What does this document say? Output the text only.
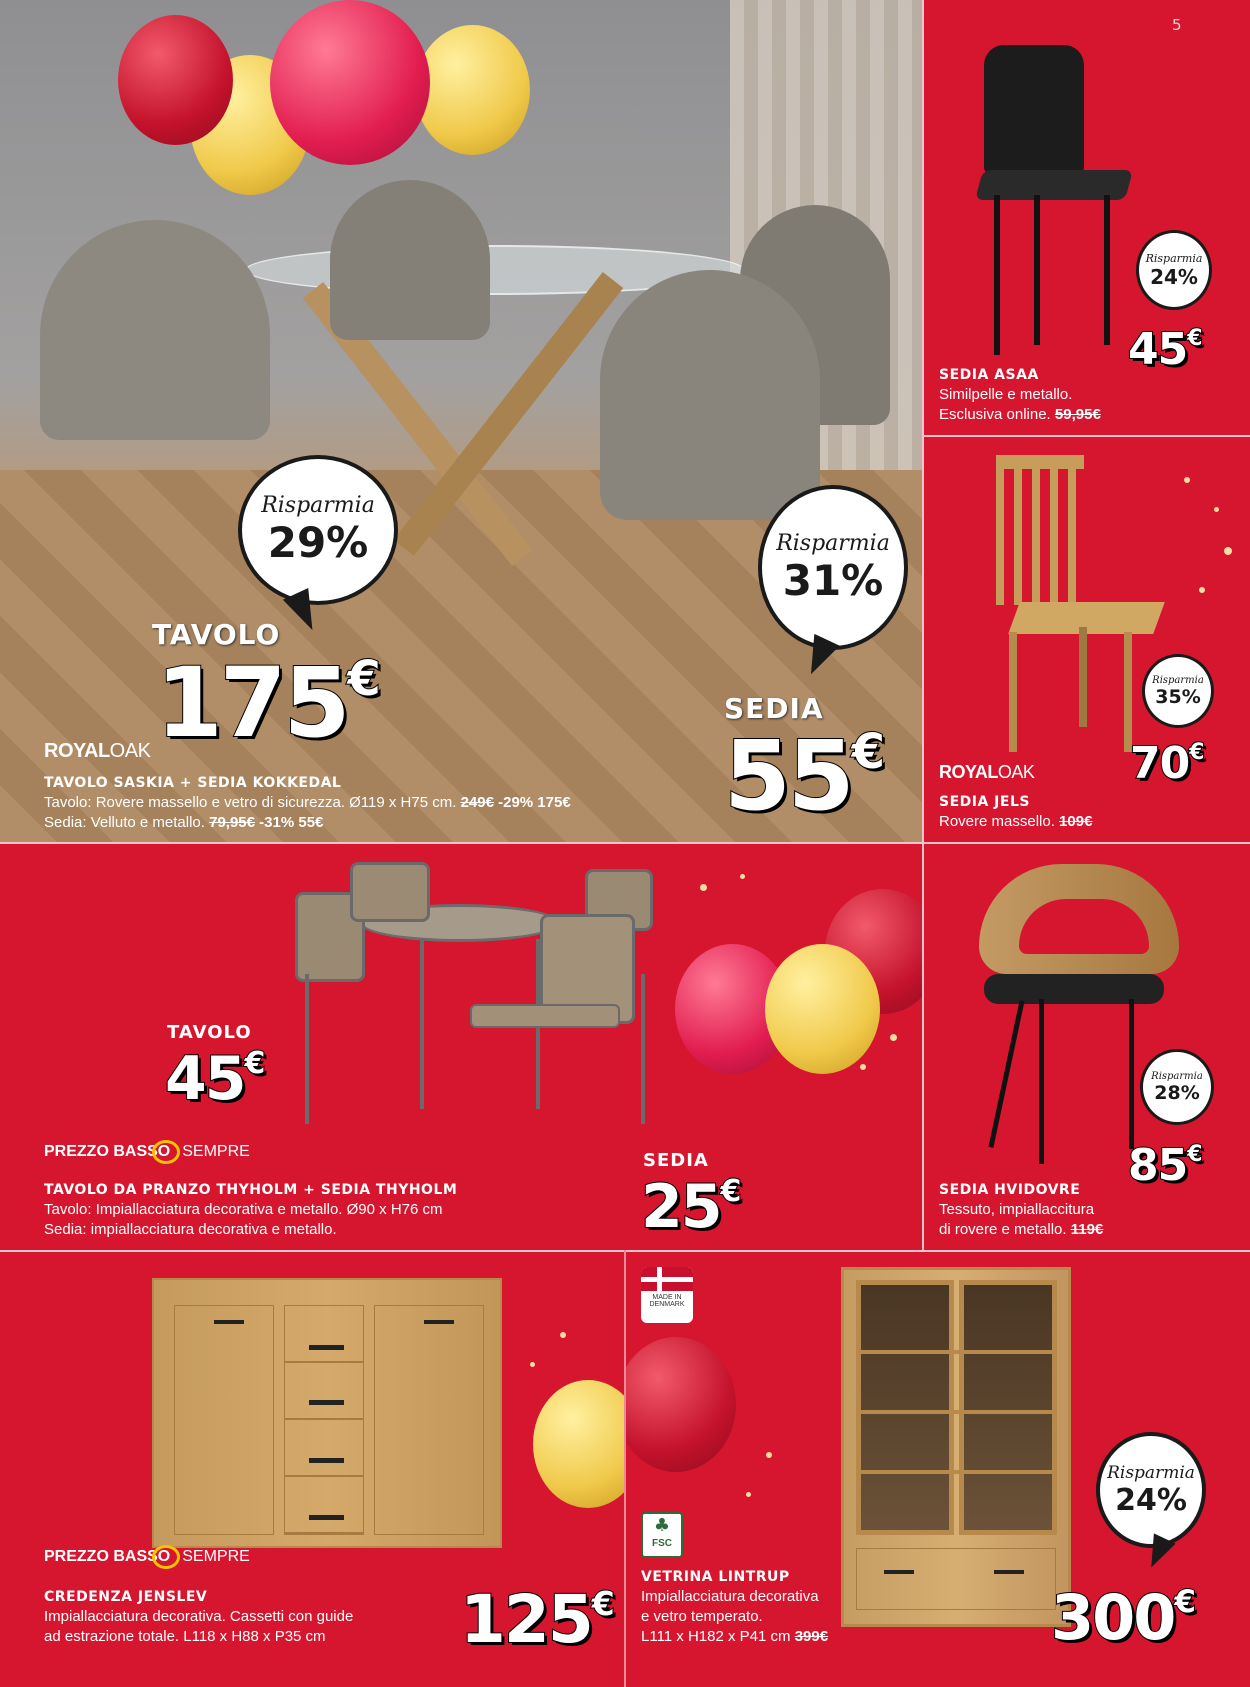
5
Risparmia
29%	Risparmia
31%
TAVOLO
175€
SEDIA
55€
ROYALOAK
TAVOLO SASKIA + SEDIA KOKKEDAL
Tavolo: Rovere massello e vetro di sicurezza. Ø119 x H75 cm. 249€ -29% 175€
Sedia: Velluto e metallo. 79,95€ -31% 55€
Risparmia
24%
45€
SEDIA ASAA
Similpelle e metallo.
Esclusiva online. 59,95€
Risparmia
35%
70€
ROYALOAK
SEDIA JELS
Rovere massello. 109€
TAVOLO
45€
PREZZO BASSO SEMPRE	SEDIA
25€
TAVOLO DA PRANZO THYHOLM + SEDIA THYHOLM
Tavolo: Impiallacciatura decorativa e metallo. Ø90 x H76 cm
Sedia: impiallacciatura decorativa e metallo.
Risparmia
28%
85€
SEDIA HVIDOVRE
Tessuto, impiallaccitura
di rovere e metallo. 119€
PREZZO BASSO SEMPRE
CREDENZA JENSLEV
Impiallacciatura decorativa. Cassetti con guide
ad estrazione totale. L118 x H88 x P35 cm	125€
MADE IN
DENMARK
♣
FSC
Risparmia
24%
VETRINA LINTRUP
Impiallacciatura decorativa
e vetro temperato.
L111 x H182 x P41 cm 399€	300€
